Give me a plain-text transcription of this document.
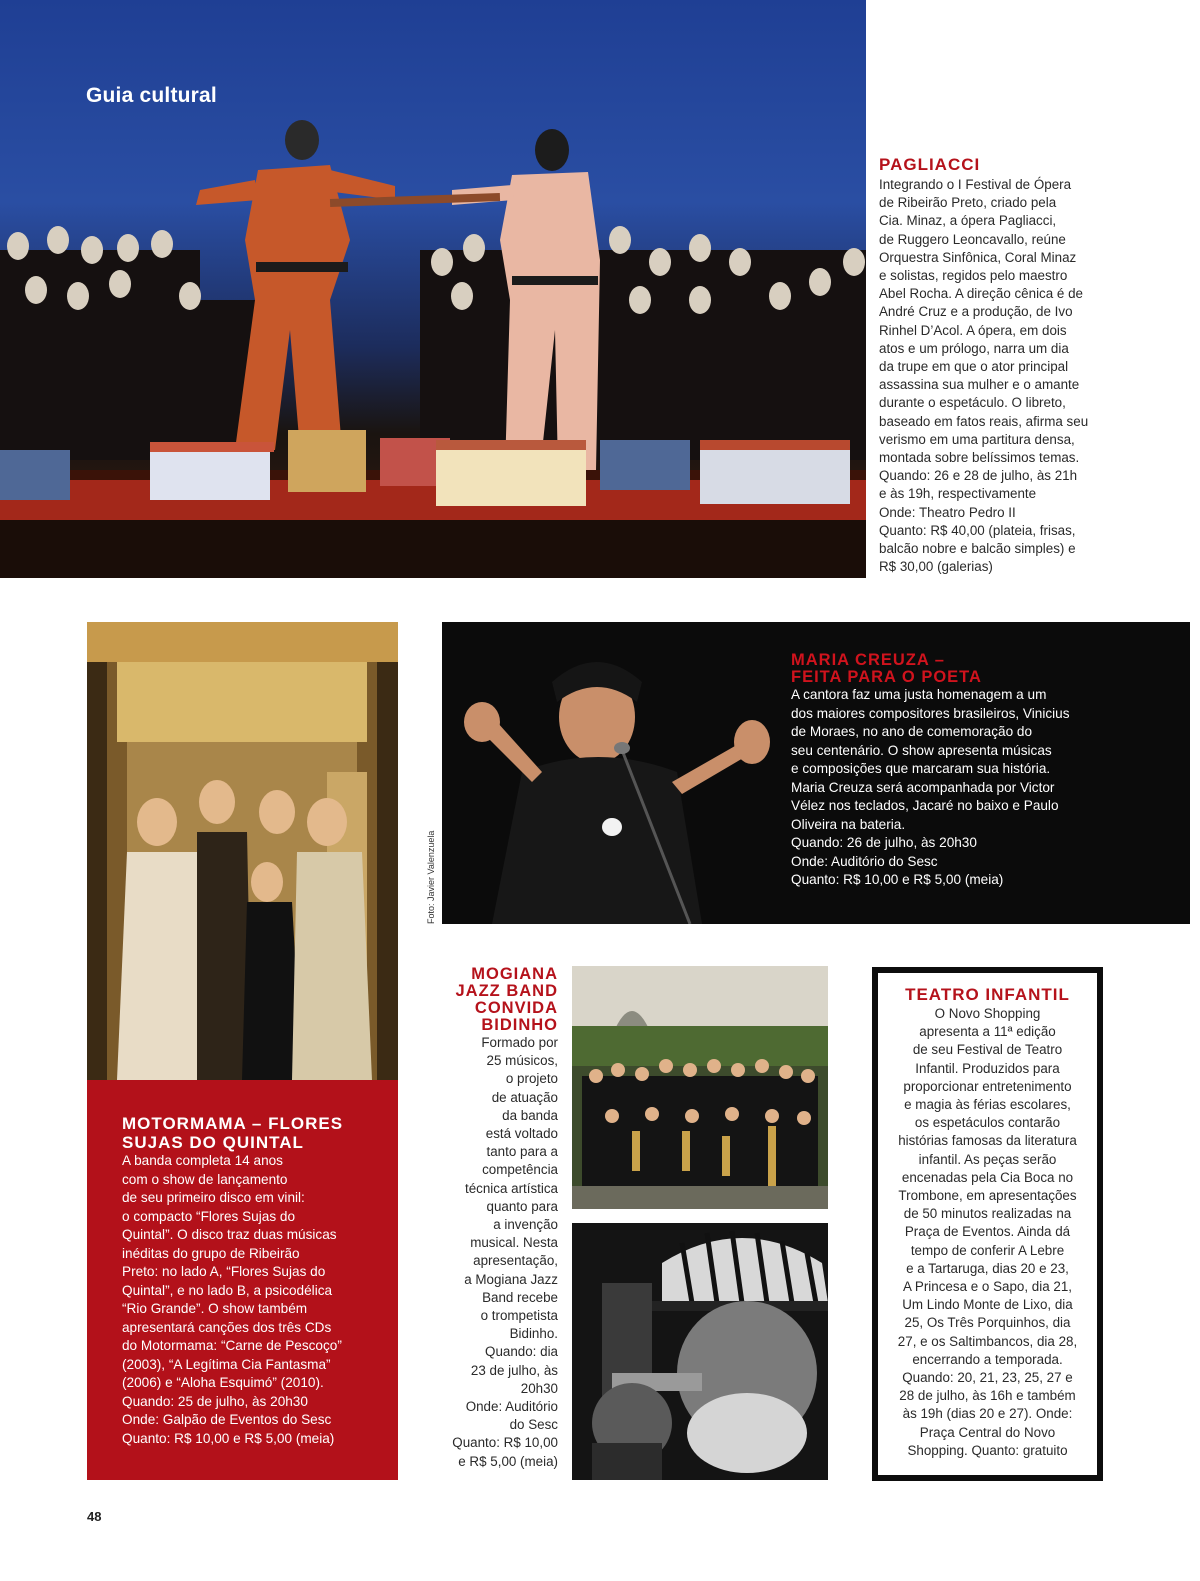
Guia cultural
PAGLIACCI

Integrando o I Festival de Ópera

de Ribeirão Preto, criado pela

Cia. Minaz, a ópera Pagliacci,

de Ruggero Leoncavallo, reúne

Orquestra Sinfônica, Coral Minaz

e solistas, regidos pelo maestro

Abel Rocha. A direção cênica é de

André Cruz e a produção, de Ivo

Rinhel D’Acol. A ópera, em dois

atos e um prólogo, narra um dia

da trupe em que o ator principal

assassina sua mulher e o amante

durante o espetáculo. O libreto,

baseado em fatos reais, afirma seu

verismo em uma partitura densa,

montada sobre belíssimos temas.

Quando: 26 e 28 de julho, às 21h

e às 19h, respectivamente

Onde: Theatro Pedro II

Quanto: R$ 40,00 (plateia, frisas,

balcão nobre e balcão simples) e

R$ 30,00 (galerias)

MOTORMAMA – FLORES
SUJAS DO QUINTAL

A banda completa 14 anos

com o show de lançamento

de seu primeiro disco em vinil:

o compacto “Flores Sujas do

Quintal”. O disco traz duas músicas

inéditas do grupo de Ribeirão

Preto: no lado A, “Flores Sujas do

Quintal”, e no lado B, a psicodélica

“Rio Grande”. O show também

apresentará canções dos três CDs

do Motormama: “Carne de Pescoço”

(2003), “A Legítima Cia Fantasma”

(2006) e “Aloha Esquimó” (2010).

Quando: 25 de julho, às 20h30

Onde: Galpão de Eventos do Sesc

Quanto: R$ 10,00 e R$ 5,00 (meia)

Foto: Javier Valenzuela
MARIA CREUZA –
FEITA PARA O POETA

A cantora faz uma justa homenagem a um

dos maiores compositores brasileiros, Vinicius

de Moraes, no ano de comemoração do

seu centenário. O show apresenta músicas

e composições que marcaram sua história.

Maria Creuza será acompanhada por Victor

Vélez nos teclados, Jacaré no baixo e Paulo

Oliveira na bateria.

Quando: 26 de julho, às 20h30

Onde: Auditório do Sesc

Quanto: R$ 10,00 e R$ 5,00 (meia)

MOGIANA
JAZZ BAND
CONVIDA
BIDINHO

Formado por

25 músicos,

o projeto

de atuação

da banda

está voltado

tanto para a

competência

técnica artística

quanto para

a invenção

musical. Nesta

apresentação,

a Mogiana Jazz

Band recebe

o trompetista

Bidinho.

Quando: dia

23 de julho, às

20h30

Onde: Auditório

do Sesc

Quanto: R$ 10,00

e R$ 5,00 (meia)

TEATRO INFANTIL

O Novo Shopping

apresenta a 11ª edição

de seu Festival de Teatro

Infantil. Produzidos para

proporcionar entretenimento

e magia às férias escolares,

os espetáculos contarão

histórias famosas da literatura

infantil. As peças serão

encenadas pela Cia Boca no

Trombone, em apresentações

de 50 minutos realizadas na

Praça de Eventos. Ainda dá

tempo de conferir A Lebre

e a Tartaruga, dias 20 e 23,

A Princesa e o Sapo, dia 21,

Um Lindo Monte de Lixo, dia

25, Os Três Porquinhos, dia

27, e os Saltimbancos, dia 28,

encerrando a temporada.

Quando: 20, 21, 23, 25, 27 e

28 de julho, às 16h e também

às 19h (dias 20 e 27). Onde:

Praça Central do Novo

Shopping. Quanto: gratuito

48
